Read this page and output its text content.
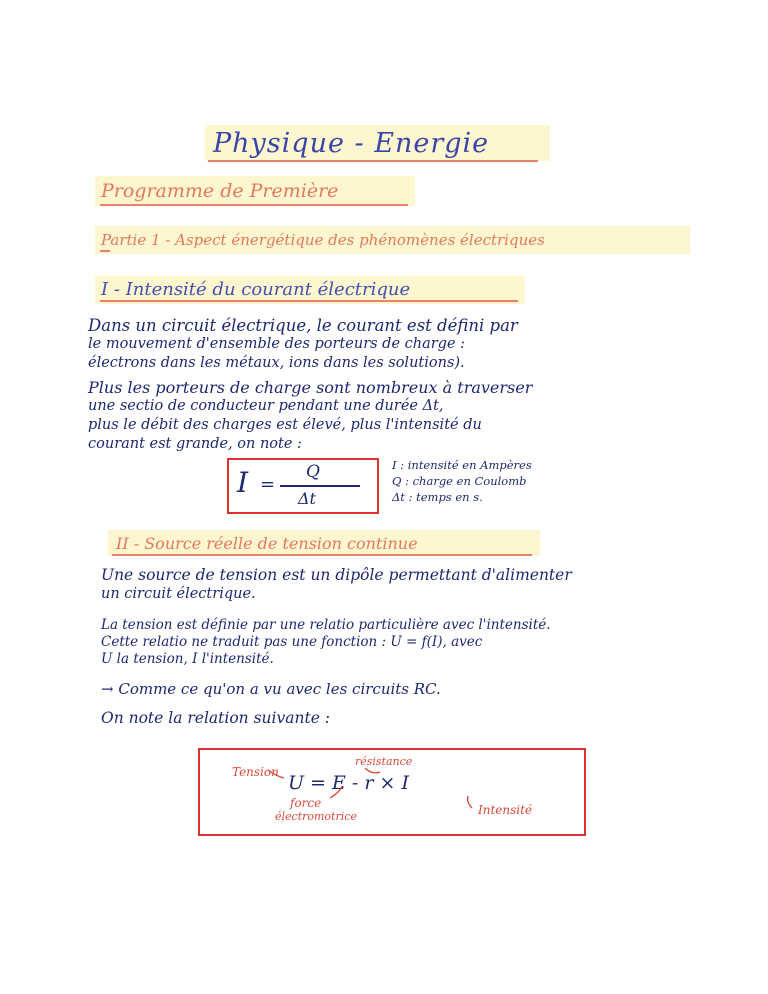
Physique - Energie
Programme de Première
Partie 1 - Aspect énergétique des phénomènes électriques
I - Intensité du courant électrique
Dans un circuit électrique, le courant est défini par
le mouvement d'ensemble des porteurs de charge :
électrons dans les métaux, ions dans les solutions).
Plus les porteurs de charge sont nombreux à traverser
une sectio de conducteur pendant une durée Δt,
plus le débit des charges est élevé, plus l'intensité du
courant est grande, on note :
I =
Q
Δt
I : intensité en Ampères
Q : charge en Coulomb
Δt : temps en s.
II - Source réelle de tension continue
Une source de tension est un dipôle permettant d'alimenter
un circuit électrique.
La tension est définie par une relatio particulière avec l'intensité.
Cette relatio ne traduit pas une fonction : U = f(I), avec
U la tension, I l'intensité.
→ Comme ce qu'on a vu avec les circuits RC.
On note la relation suivante :
Tension
résistance
U = E - r × I
force
électromotrice	Intensité
